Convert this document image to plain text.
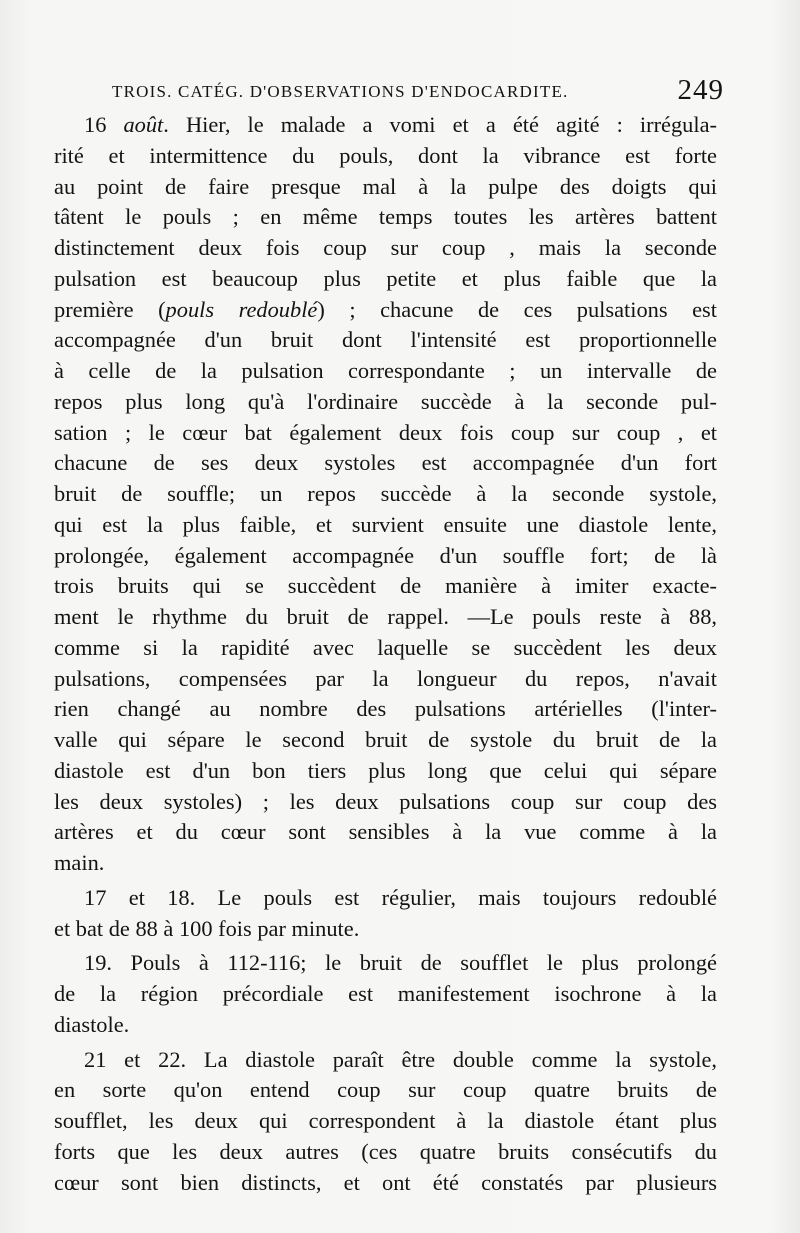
TROIS. CATÉG. D'OBSERVATIONS D'ENDOCARDITE.	249
16 août. Hier, le malade a vomi et a été agité : irrégula-
rité et intermittence du pouls, dont la vibrance est forte
au point de faire presque mal à la pulpe des doigts qui
tâtent le pouls ; en même temps toutes les artères battent
distinctement deux fois coup sur coup , mais la seconde
pulsation est beaucoup plus petite et plus faible que la
première (pouls redoublé) ; chacune de ces pulsations est
accompagnée d'un bruit dont l'intensité est proportionnelle
à celle de la pulsation correspondante ; un intervalle de
repos plus long qu'à l'ordinaire succède à la seconde pul-
sation ; le cœur bat également deux fois coup sur coup , et
chacune de ses deux systoles est accompagnée d'un fort
bruit de souffle; un repos succède à la seconde systole,
qui est la plus faible, et survient ensuite une diastole lente,
prolongée, également accompagnée d'un souffle fort; de là
trois bruits qui se succèdent de manière à imiter exacte-
ment le rhythme du bruit de rappel. —Le pouls reste à 88,
comme si la rapidité avec laquelle se succèdent les deux
pulsations, compensées par la longueur du repos, n'avait
rien changé au nombre des pulsations artérielles (l'inter-
valle qui sépare le second bruit de systole du bruit de la
diastole est d'un bon tiers plus long que celui qui sépare
les deux systoles) ; les deux pulsations coup sur coup des
artères et du cœur sont sensibles à la vue comme à la
main.
17 et 18. Le pouls est régulier, mais toujours redoublé
et bat de 88 à 100 fois par minute.
19. Pouls à 112-116; le bruit de soufflet le plus prolongé
de la région précordiale est manifestement isochrone à la
diastole.
21 et 22. La diastole paraît être double comme la systole,
en sorte qu'on entend coup sur coup quatre bruits de
soufflet, les deux qui correspondent à la diastole étant plus
forts que les deux autres (ces quatre bruits consécutifs du
cœur sont bien distincts, et ont été constatés par plusieurs
